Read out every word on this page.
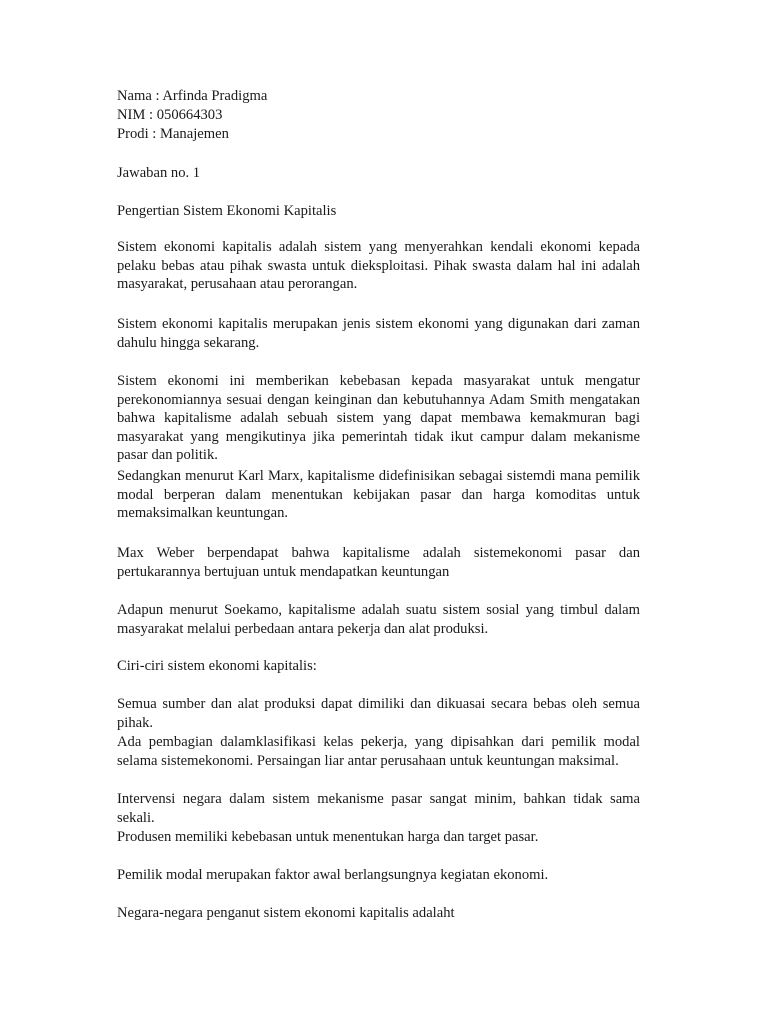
Nama : Arfinda Pradigma
NIM : 050664303
Prodi : Manajemen
Jawaban no. 1
Pengertian Sistem Ekonomi Kapitalis
Sistem ekonomi kapitalis adalah sistem yang menyerahkan kendali ekonomi kepada pelaku bebas atau pihak swasta untuk dieksploitasi. Pihak swasta dalam hal ini adalah masyarakat, perusahaan atau perorangan.
Sistem ekonomi kapitalis merupakan jenis sistem ekonomi yang digunakan dari zaman dahulu hingga sekarang.
Sistem ekonomi ini memberikan kebebasan kepada masyarakat untuk mengatur perekonomiannya sesuai dengan keinginan dan kebutuhannya Adam Smith mengatakan bahwa kapitalisme adalah sebuah sistem yang dapat membawa kemakmuran bagi masyarakat yang mengikutinya jika pemerintah tidak ikut campur dalam mekanisme pasar dan politik.
Sedangkan menurut Karl Marx, kapitalisme didefinisikan sebagai sistemdi mana pemilik modal berperan dalam menentukan kebijakan pasar dan harga komoditas untuk memaksimalkan keuntungan.
Max Weber berpendapat bahwa kapitalisme adalah sistemekonomi pasar dan pertukarannya bertujuan untuk mendapatkan keuntungan
Adapun menurut Soekamo, kapitalisme adalah suatu sistem sosial yang timbul dalam masyarakat melalui perbedaan antara pekerja dan alat produksi.
Ciri-ciri sistem ekonomi kapitalis:
Semua sumber dan alat produksi dapat dimiliki dan dikuasai secara bebas oleh semua pihak.
Ada pembagian dalamklasifikasi kelas pekerja, yang dipisahkan dari pemilik modal selama sistemekonomi. Persaingan liar antar perusahaan untuk keuntungan maksimal.
Intervensi negara dalam sistem mekanisme pasar sangat minim, bahkan tidak sama sekali.
Produsen memiliki kebebasan untuk menentukan harga dan target pasar.
Pemilik modal merupakan faktor awal berlangsungnya kegiatan ekonomi.
Negara-negara penganut sistem ekonomi kapitalis adalaht
